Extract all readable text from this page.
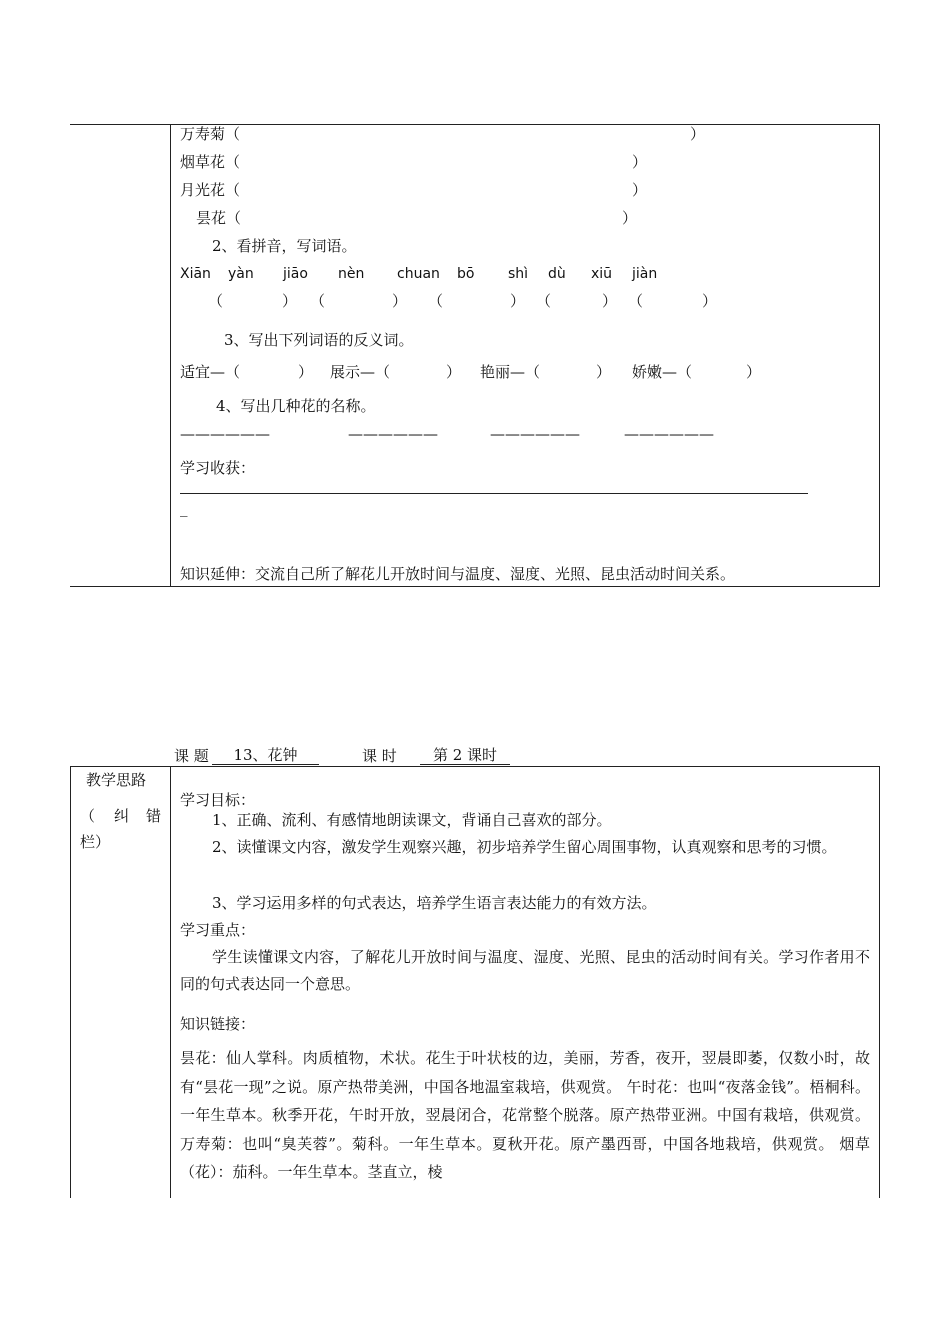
万寿菊（	）
烟草花（	）
月光花（	）
昙花（	）
2、看拼音，写词语。
Xiān yàn jiāo nèn chuan bō shì dù xiū jiàn
（	） （	） （	） （	） （	）
3、写出下列词语的反义词。
适宜—（	） 展示—（	） 艳丽—（	） 娇嫩—（	）
4、写出几种花的名称。
——————	——————	——————	——————
学习收获：
_
知识延伸：交流自己所了解花儿开放时间与温度、湿度、光照、昆虫活动时间关系。
课 题	13、花钟	课 时	第 2 课时
教学思路
（ 纠 错
栏）
学习目标：
1、正确、流利、有感情地朗读课文，背诵自己喜欢的部分。
2、读懂课文内容，激发学生观察兴趣，初步培养学生留心周围事物，认真观察和思考的习惯。
3、学习运用多样的句式表达，培养学生语言表达能力的有效方法。
学习重点：
学生读懂课文内容，了解花儿开放时间与温度、湿度、光照、昆虫的活动时间有关。学习作者用不同的句式表达同一个意思。
知识链接：
昙花：仙人掌科。肉质植物，术状。花生于叶状枝的边，美丽，芳香，夜开，翌晨即萎，仅数小时，故有“昙花一现”之说。原产热带美洲，中国各地温室栽培，供观赏。 午时花：也叫“夜落金钱”。梧桐科。一年生草本。秋季开花，午时开放，翌晨闭合，花常整个脱落。原产热带亚洲。中国有栽培，供观赏。 万寿菊：也叫“臭芙蓉”。菊科。一年生草本。夏秋开花。原产墨西哥，中国各地栽培，供观赏。 烟草（花）：茄科。一年生草本。茎直立，棱
